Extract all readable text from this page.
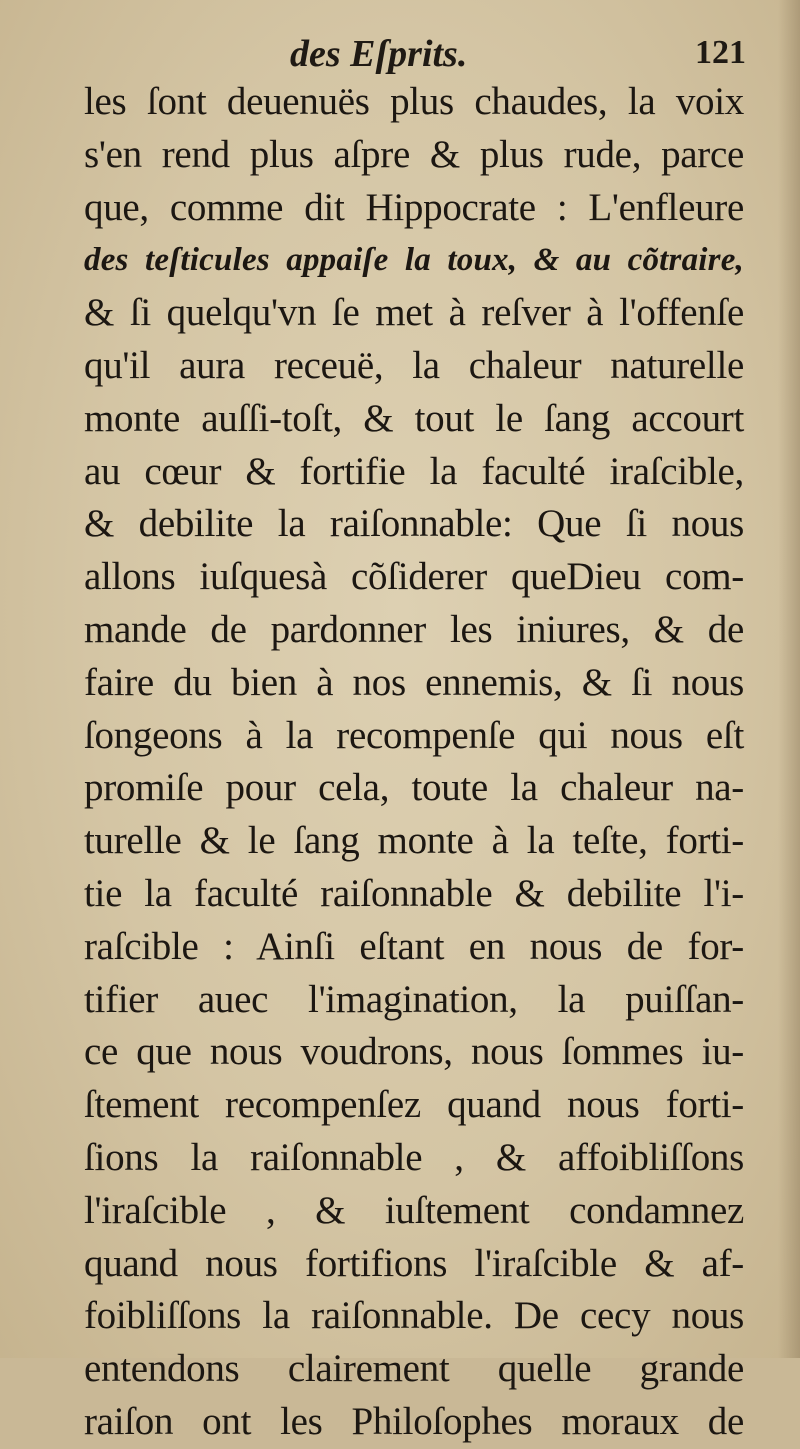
des Eſprits.	121
les ſont deuenuës plus chaudes, la voix
s'en rend plus aſpre & plus rude, parce
que, comme dit Hippocrate : L'enfleure
des teſticules appaiſe la toux, & au cõtraire,
& ſi quelqu'vn ſe met à reſver à l'offenſe
qu'il aura receuë, la chaleur naturelle
monte auſſi-toſt, & tout le ſang accourt
au cœur & fortifie la faculté iraſcible,
& debilite la raiſonnable: Que ſi nous
allons iuſquesà cõſiderer queDieu com-
mande de pardonner les iniures, & de
faire du bien à nos ennemis, & ſi nous
ſongeons à la recompenſe qui nous eſt
promiſe pour cela, toute la chaleur na-
turelle & le ſang monte à la teſte, forti-
tie la faculté raiſonnable & debilite l'i-
raſcible : Ainſi eſtant en nous de for-
tifier auec l'imagination, la puiſſan-
ce que nous voudrons, nous ſommes iu-
ſtement recompenſez quand nous forti-
ſions la raiſonnable , & affoibliſſons
l'iraſcible , & iuſtement condamnez
quand nous fortifions l'iraſcible & af-
foibliſſons la raiſonnable. De cecy nous
entendons clairement quelle grande
raiſon ont les Philoſophes moraux de
